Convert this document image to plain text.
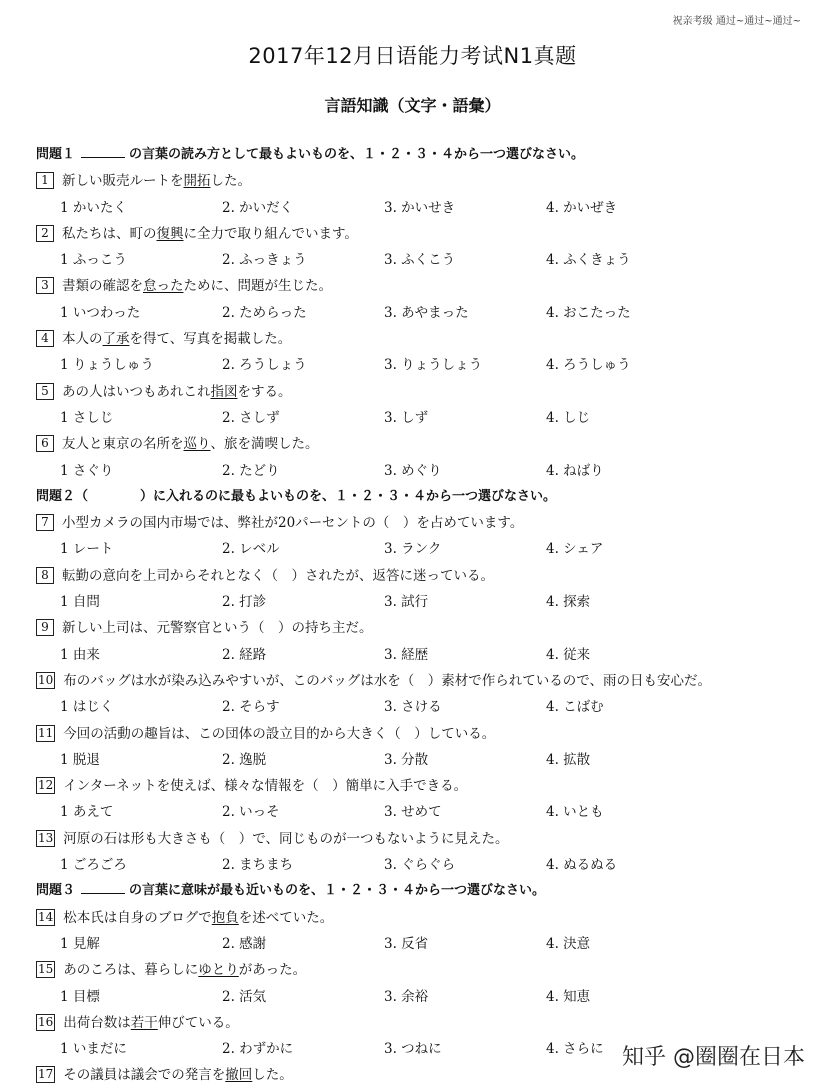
祝亲考级 通过~通过~通过~
2017年12月日语能力考试N1真题
言語知識（文字・語彙）
問題１	の言葉の読み方として最もよいものを、１・２・３・４から一つ選びなさい。
1 新しい販売ルートを開拓した。
1 かいたく	2. かいだく	3. かいせき	4. かいぜき
2 私たちは、町の復興に全力で取り組んでいます。
1 ふっこう	2. ふっきょう	3. ふくこう	4. ふくきょう
3 書類の確認を怠ったために、問題が生じた。
1 いつわった	2. ためらった	3. あやまった	4. おこたった
4 本人の了承を得て、写真を掲載した。
1 りょうしゅう	2. ろうしょう	3. りょうしょう	4. ろうしゅう
5 あの人はいつもあれこれ指図をする。
1 さしじ	2. さしず	3. しず	4. しじ
6 友人と東京の名所を巡り、旅を満喫した。
1 さぐり	2. たどり	3. めぐり	4. ねばり
問題２（	）に入れるのに最もよいものを、１・２・３・４から一つ選びなさい。
7 小型カメラの国内市場では、弊社が20パーセントの（　）を占めています。
1 レート	2. レベル	3. ランク	4. シェア
8 転勤の意向を上司からそれとなく（　）されたが、返答に迷っている。
1 自問	2. 打診	3. 試行	4. 探索
9 新しい上司は、元警察官という（　）の持ち主だ。
1 由来	2. 経路	3. 経歴	4. 従来
10 布のバッグは水が染み込みやすいが、このバッグは水を（　）素材で作られているので、雨の日も安心だ。
1 はじく	2. そらす	3. さける	4. こばむ
11 今回の活動の趣旨は、この団体の設立目的から大きく（　）している。
1 脱退	2. 逸脱	3. 分散	4. 拡散
12 インターネットを使えば、様々な情報を（　）簡単に入手できる。
1 あえて	2. いっそ	3. せめて	4. いとも
13 河原の石は形も大きさも（　）で、同じものが一つもないように見えた。
1 ごろごろ	2. まちまち	3. ぐらぐら	4. ぬるぬる
問題３	の言葉に意味が最も近いものを、１・２・３・４から一つ選びなさい。
14 松本氏は自身のブログで抱負を述べていた。
1 見解	2. 感謝	3. 反省	4. 決意
15 あのころは、暮らしにゆとりがあった。
1 目標	2. 活気	3. 余裕	4. 知恵
16 出荷台数は若干伸びている。
1 いまだに	2. わずかに	3. つねに	4. さらに
17 その議員は議会での発言を撤回した。
知乎 @圈圈在日本
